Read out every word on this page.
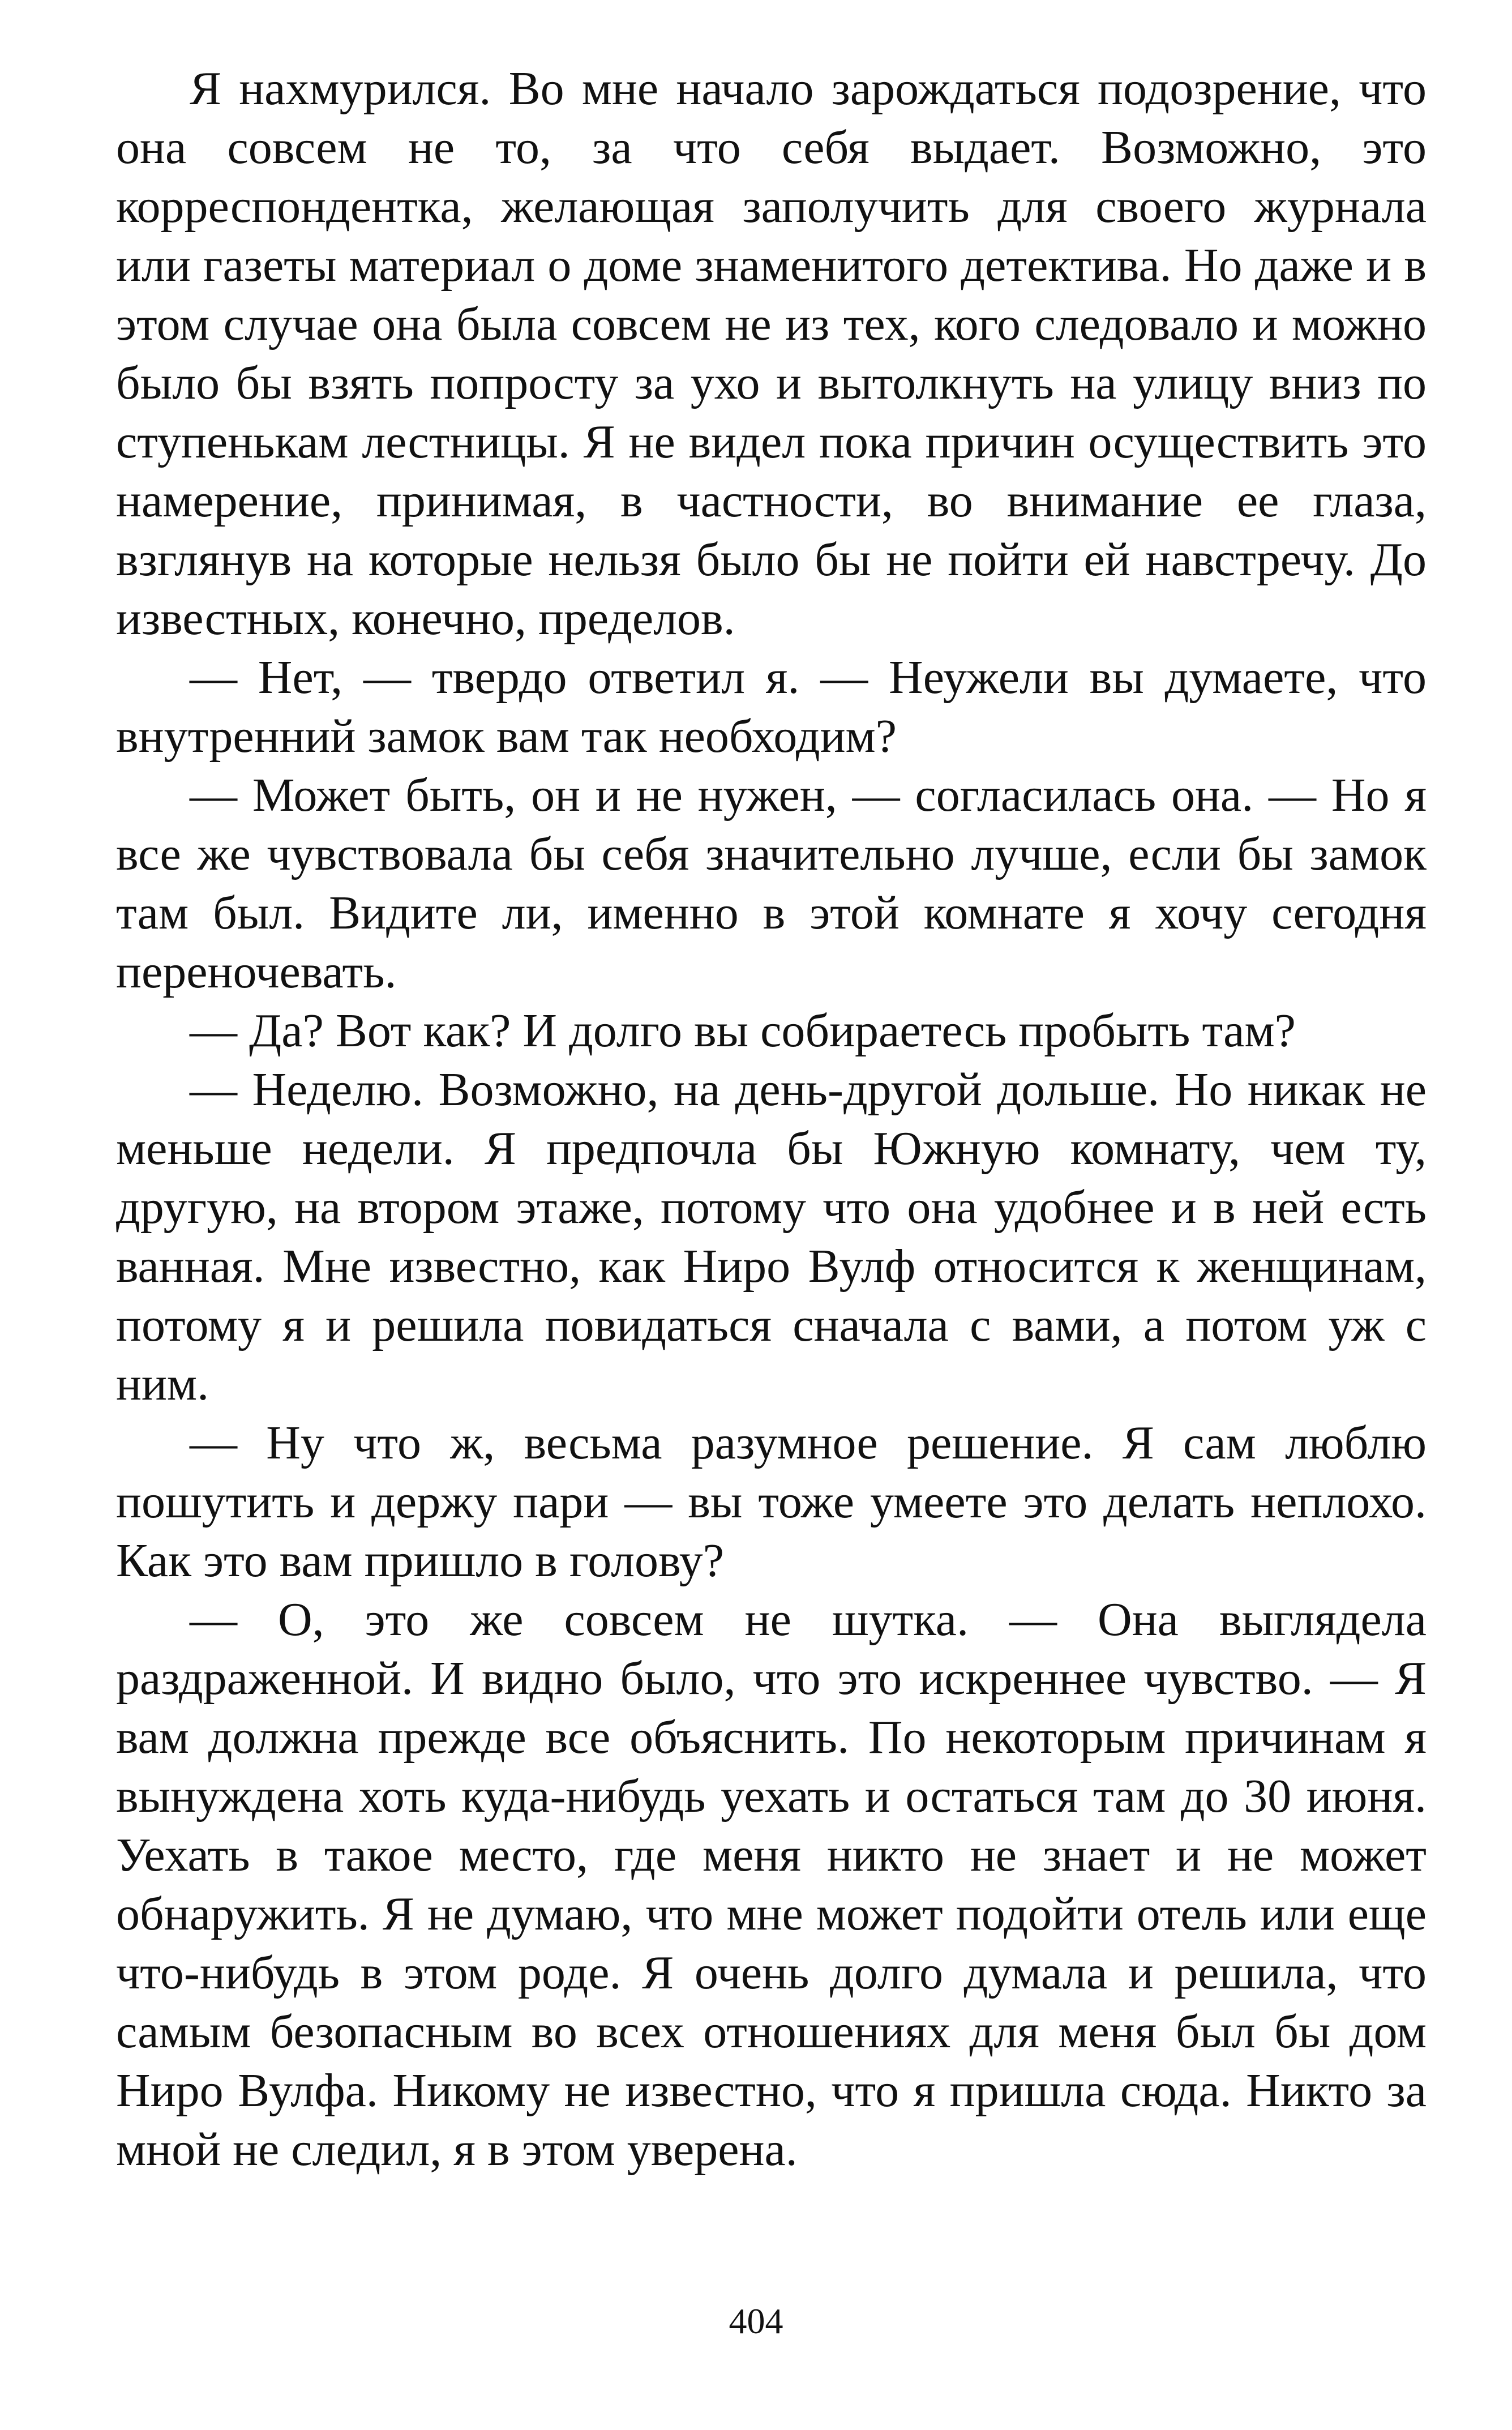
Я нахмурился. Во мне начало зарождаться подозрение, что она совсем не то, за что себя выдает. Возможно, это корреспондентка, желающая заполучить для своего журнала или газеты материал о доме знаменитого детектива. Но даже и в этом случае она была совсем не из тех, кого следовало и можно было бы взять попросту за ухо и вытолкнуть на улицу вниз по ступенькам лестницы. Я не видел пока причин осуществить это намерение, принимая, в частности, во внимание ее глаза, взглянув на которые нельзя было бы не пойти ей навстречу. До известных, конечно, пределов.

— Нет, — твердо ответил я. — Неужели вы думаете, что внутренний замок вам так необходим?

— Может быть, он и не нужен, — согласилась она. — Но я все же чувствовала бы себя значительно лучше, если бы замок там был. Видите ли, именно в этой комнате я хочу сегодня переночевать.

— Да? Вот как? И долго вы собираетесь пробыть там?

— Неделю. Возможно, на день-другой дольше. Но никак не меньше недели. Я предпочла бы Южную комнату, чем ту, другую, на втором этаже, потому что она удобнее и в ней есть ванная. Мне известно, как Ниро Вулф относится к женщинам, потому я и решила повидаться сначала с вами, а потом уж с ним.

— Ну что ж, весьма разумное решение. Я сам люблю пошутить и держу пари — вы тоже умеете это делать неплохо. Как это вам пришло в голову?

— О, это же совсем не шутка. — Она выглядела раздраженной. И видно было, что это искреннее чувство. — Я вам должна прежде все объяснить. По некоторым причинам я вынуждена хоть куда-нибудь уехать и остаться там до 30 июня. Уехать в такое место, где меня никто не знает и не может обнаружить. Я не думаю, что мне может подойти отель или еще что-нибудь в этом роде. Я очень долго думала и решила, что самым безопасным во всех отношениях для меня был бы дом Ниро Вулфа. Никому не известно, что я пришла сюда. Никто за мной не следил, я в этом уверена.

404
